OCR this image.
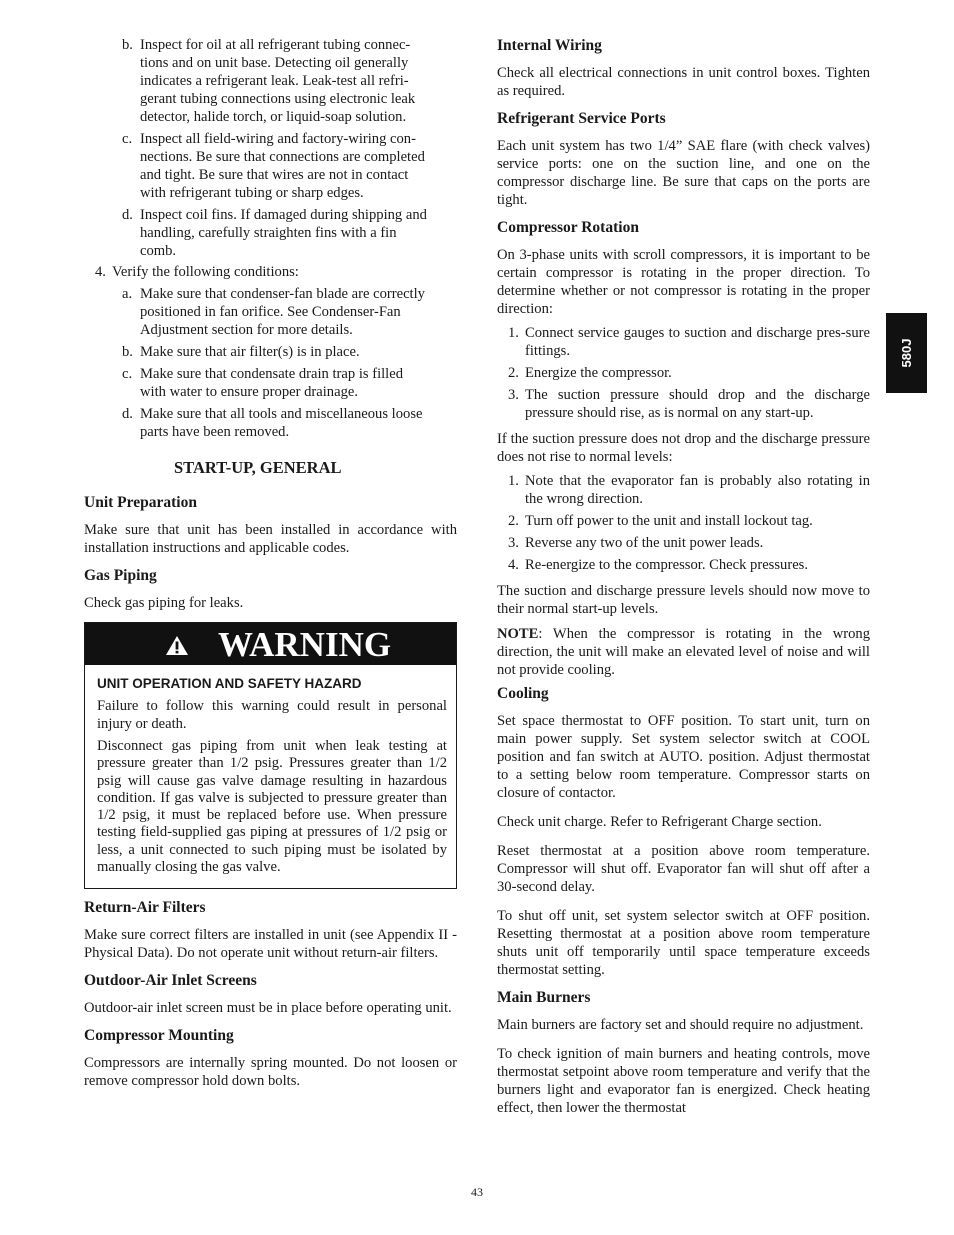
580J
b. Inspect for oil at all refrigerant tubing connec-
tions and on unit base. Detecting oil generally
indicates a refrigerant leak. Leak-test all refri-
gerant tubing connections using electronic leak
detector, halide torch, or liquid-soap solution.
c. Inspect all field-wiring and factory-wiring con-
nections. Be sure that connections are completed
and tight. Be sure that wires are not in contact
with refrigerant tubing or sharp edges.
d. Inspect coil fins. If damaged during shipping and
handling, carefully straighten fins with a fin
comb.
4. Verify the following conditions:
a. Make sure that condenser-fan blade are correctly
positioned in fan orifice. See Condenser-Fan
Adjustment section for more details.
b. Make sure that air filter(s) is in place.
c. Make sure that condensate drain trap is filled
with water to ensure proper drainage.
d. Make sure that all tools and miscellaneous loose
parts have been removed.
START-UP, GENERAL
Unit Preparation

Make sure that unit has been installed in accordance with installation instructions and applicable codes.

Gas Piping

Check gas piping for leaks.

WARNING
UNIT OPERATION AND SAFETY HAZARD

Failure to follow this warning could result in personal injury or death.

Disconnect gas piping from unit when leak testing at pressure greater than 1/2 psig. Pressures greater than 1/2 psig will cause gas valve damage resulting in hazardous condition. If gas valve is subjected to pressure greater than 1/2 psig, it must be replaced before use. When pressure testing field-supplied gas piping at pressures of 1/2 psig or less, a unit connected to such piping must be isolated by manually closing the gas valve.

Return-Air Filters

Make sure correct filters are installed in unit (see Appendix II - Physical Data). Do not operate unit without return-air filters.

Outdoor-Air Inlet Screens

Outdoor-air inlet screen must be in place before operating unit.

Compressor Mounting

Compressors are internally spring mounted. Do not loosen or remove compressor hold down bolts.

Internal Wiring

Check all electrical connections in unit control boxes. Tighten as required.

Refrigerant Service Ports

Each unit system has two 1/4” SAE flare (with check valves) service ports: one on the suction line, and one on the compressor discharge line. Be sure that caps on the ports are tight.

Compressor Rotation

On 3-phase units with scroll compressors, it is important to be certain compressor is rotating in the proper direction. To determine whether or not compressor is rotating in the proper direction:

1. Connect service gauges to suction and discharge pres-sure fittings.
2. Energize the compressor.
3. The suction pressure should drop and the discharge pressure should rise, as is normal on any start-up.

If the suction pressure does not drop and the discharge pressure does not rise to normal levels:

1. Note that the evaporator fan is probably also rotating in the wrong direction.
2. Turn off power to the unit and install lockout tag.
3. Reverse any two of the unit power leads.
4. Re-energize to the compressor. Check pressures.

The suction and discharge pressure levels should now move to their normal start-up levels.

NOTE: When the compressor is rotating in the wrong direction, the unit will make an elevated level of noise and will not provide cooling.

Cooling

Set space thermostat to OFF position. To start unit, turn on main power supply. Set system selector switch at COOL position and fan switch at AUTO. position. Adjust thermostat to a setting below room temperature. Compressor starts on closure of contactor.

Check unit charge. Refer to Refrigerant Charge section.

Reset thermostat at a position above room temperature. Compressor will shut off. Evaporator fan will shut off after a 30-second delay.

To shut off unit, set system selector switch at OFF position. Resetting thermostat at a position above room temperature shuts unit off temporarily until space temperature exceeds thermostat setting.

Main Burners

Main burners are factory set and should require no adjustment.

To check ignition of main burners and heating controls, move thermostat setpoint above room temperature and verify that the burners light and evaporator fan is energized. Check heating effect, then lower the thermostat

43
